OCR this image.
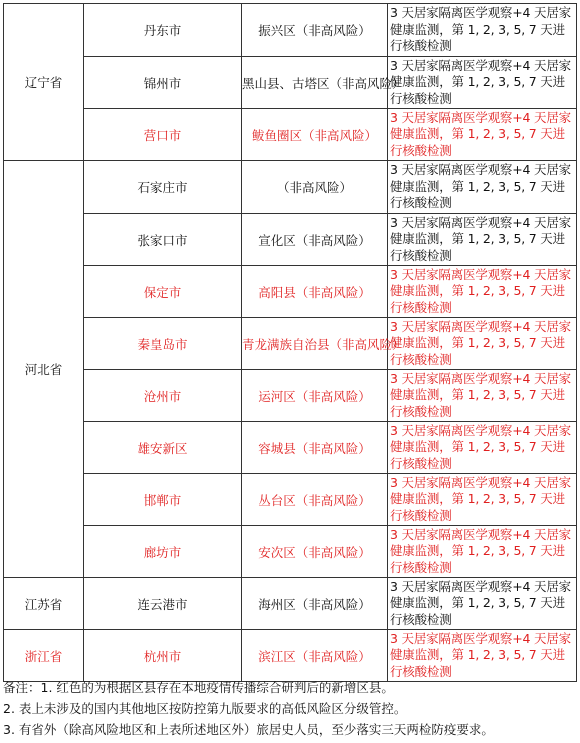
辽宁省	丹东市	振兴区（非高风险）	3 天居家隔离医学观察+4 天居家健康监测，第 1, 2, 3, 5, 7 天进行核酸检测
	锦州市	黑山县、古塔区（非高风险）	3 天居家隔离医学观察+4 天居家健康监测，第 1, 2, 3, 5, 7 天进行核酸检测
	营口市	鲅鱼圈区（非高风险）	3 天居家隔离医学观察+4 天居家健康监测，第 1, 2, 3, 5, 7 天进行核酸检测
河北省	石家庄市	（非高风险）	3 天居家隔离医学观察+4 天居家健康监测，第 1, 2, 3, 5, 7 天进行核酸检测
	张家口市	宣化区（非高风险）	3 天居家隔离医学观察+4 天居家健康监测，第 1, 2, 3, 5, 7 天进行核酸检测
	保定市	高阳县（非高风险）	3 天居家隔离医学观察+4 天居家健康监测，第 1, 2, 3, 5, 7 天进行核酸检测
	秦皇岛市	青龙满族自治县（非高风险）	3 天居家隔离医学观察+4 天居家健康监测，第 1, 2, 3, 5, 7 天进行核酸检测
	沧州市	运河区（非高风险）	3 天居家隔离医学观察+4 天居家健康监测，第 1, 2, 3, 5, 7 天进行核酸检测
	雄安新区	容城县（非高风险）	3 天居家隔离医学观察+4 天居家健康监测，第 1, 2, 3, 5, 7 天进行核酸检测
	邯郸市	丛台区（非高风险）	3 天居家隔离医学观察+4 天居家健康监测，第 1, 2, 3, 5, 7 天进行核酸检测
	廊坊市	安次区（非高风险）	3 天居家隔离医学观察+4 天居家健康监测，第 1, 2, 3, 5, 7 天进行核酸检测
江苏省	连云港市	海州区（非高风险）	3 天居家隔离医学观察+4 天居家健康监测，第 1, 2, 3, 5, 7 天进行核酸检测
浙江省	杭州市	滨江区（非高风险）	3 天居家隔离医学观察+4 天居家健康监测，第 1, 2, 3, 5, 7 天进行核酸检测
备注：1. 红色的为根据区县存在本地疫情传播综合研判后的新增区县。
2. 表上未涉及的国内其他地区按防控第九版要求的高低风险区分级管控。
3. 有省外（除高风险地区和上表所述地区外）旅居史人员，至少落实三天两检防疫要求。
